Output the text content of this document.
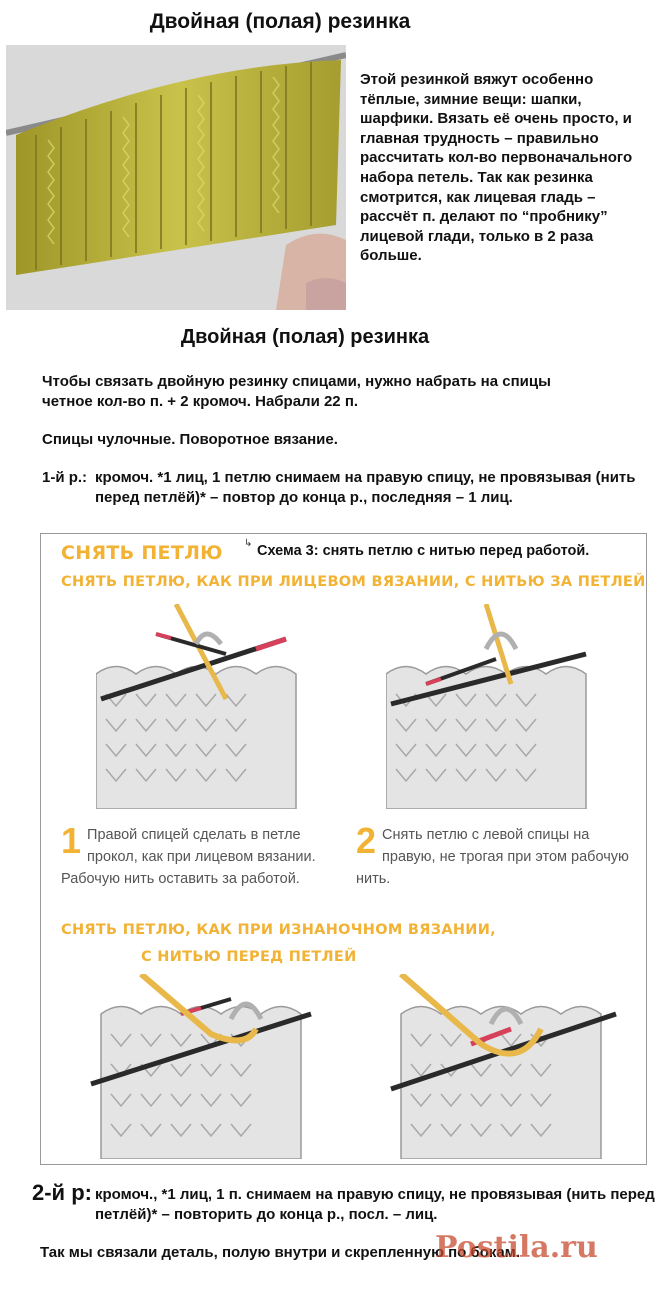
Двойная (полая) резинка
Этой резинкой вяжут особенно тёплые, зимние вещи: шапки, шарфики. Вязать её очень просто, и главная трудность – правильно рассчитать кол-во первоначального набора петель. Так как резинка смотрится, как лицевая гладь – рассчёт п. делают по “пробнику” лицевой глади, только в 2 раза больше.
Двойная (полая) резинка
Чтобы связать двойную резинку спицами, нужно набрать на спицы четное кол-во п. + 2 кромоч. Набрали 22 п.
Спицы чулочные. Поворотное вязание.
1-й р.: кромоч. *1 лиц, 1 петлю снимаем на правую спицу, не провязывая (нить перед петлёй)* – повтор до конца р., последняя – 1 лиц.
СНЯТЬ ПЕТЛЮ ↳ Схема 3: снять петлю с нитью перед работой.
СНЯТЬ ПЕТЛЮ, КАК ПРИ ЛИЦЕВОМ ВЯЗАНИИ, С НИТЬЮ ЗА ПЕТЛЕЙ
1 Правой спицей сделать в петле прокол, как при лицевом вязании. Рабочую нить оставить за работой.
2 Снять петлю с левой спицы на правую, не трогая при этом рабочую нить.
СНЯТЬ ПЕТЛЮ, КАК ПРИ ИЗНАНОЧНОМ ВЯЗАНИИ,
С НИТЬЮ ПЕРЕД ПЕТЛЕЙ
2-й р: кромоч., *1 лиц, 1 п. снимаем на правую спицу, не провязывая (нить перед петлёй)* – повторить до конца р., посл. – лиц.
Так мы связали деталь, полую внутри и скрепленную по бокам.
Postila.ru
